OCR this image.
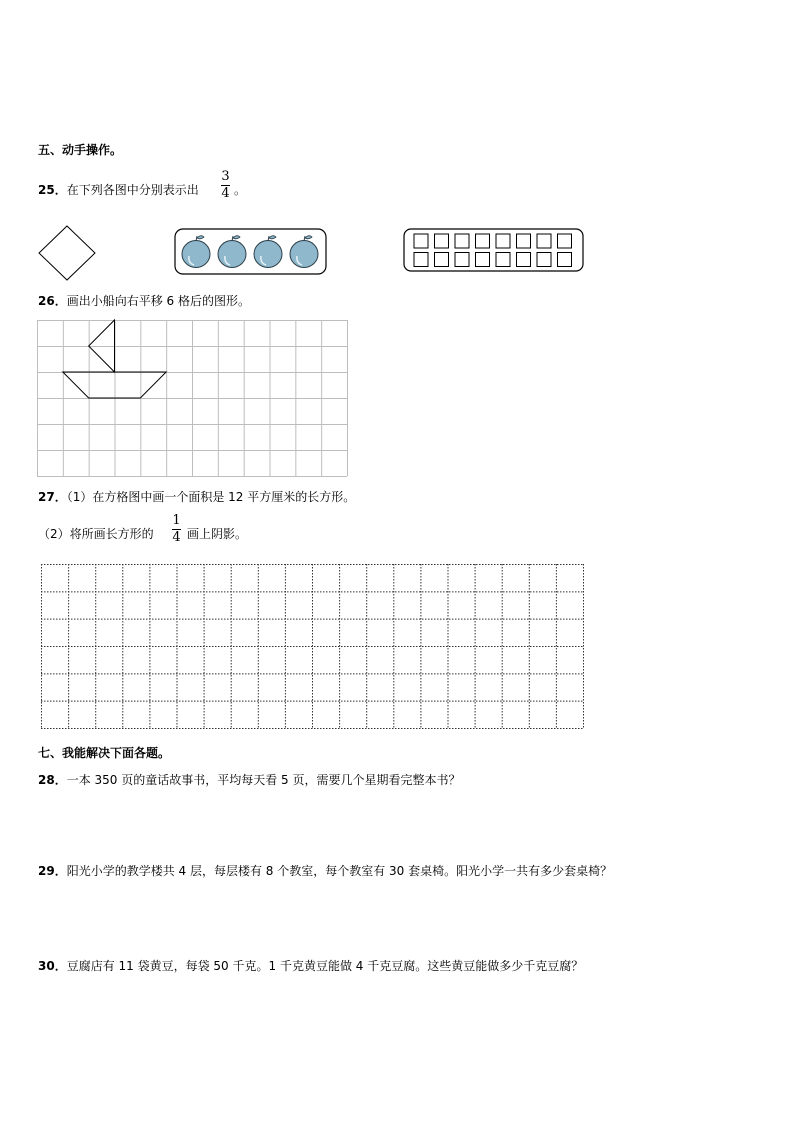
五、动手操作。
25．在下列各图中分别表示出
3
4 。
26．画出小船向右平移 6 格后的图形。
27．（1）在方格图中画一个面积是 12 平方厘米的长方形。
（2）将所画长方形的
1
4 画上阴影。
七、我能解决下面各题。
28．一本 350 页的童话故事书，平均每天看 5 页，需要几个星期看完整本书？
29．阳光小学的教学楼共 4 层，每层楼有 8 个教室，每个教室有 30 套桌椅。阳光小学一共有多少套桌椅？
30．豆腐店有 11 袋黄豆，每袋 50 千克。1 千克黄豆能做 4 千克豆腐。这些黄豆能做多少千克豆腐？
